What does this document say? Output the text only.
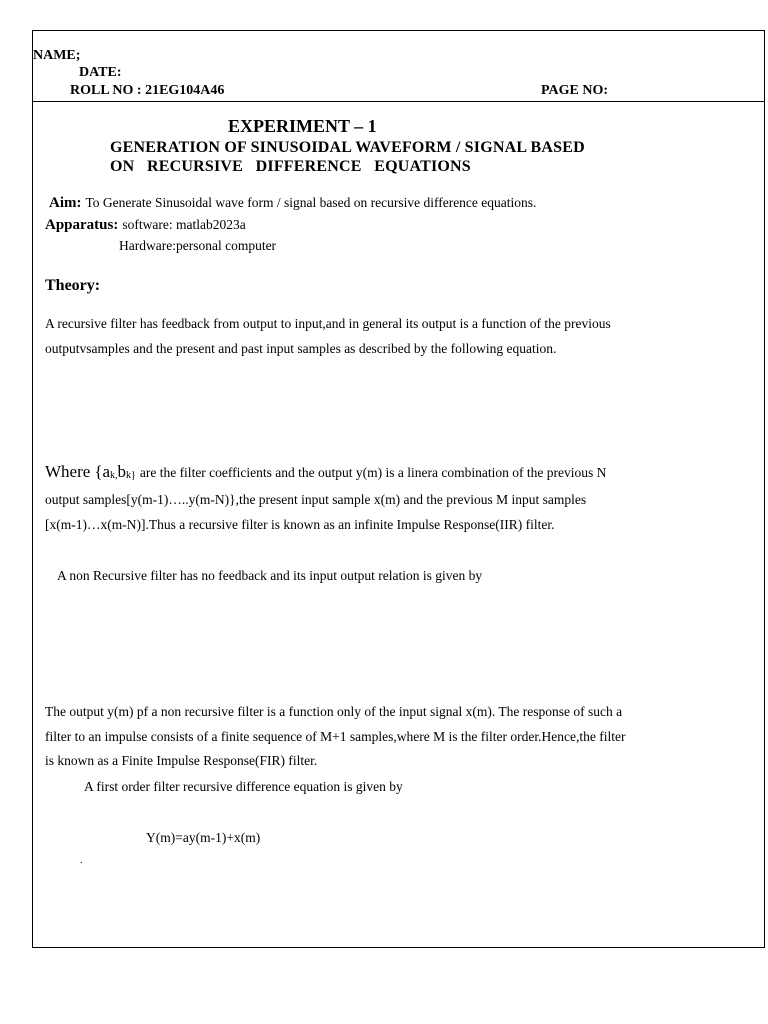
NAME;
DATE:
ROLL NO : 21EG104A46	PAGE NO:
EXPERIMENT – 1
GENERATION OF SINUSOIDAL WAVEFORM / SIGNAL BASED
ON   RECURSIVE   DIFFERENCE   EQUATIONS
Aim: To Generate Sinusoidal wave form / signal based on recursive difference equations.
Apparatus: software: matlab2023a
Hardware:personal computer
Theory:
A recursive filter has feedback from output to input,and in general its output is a function of the previous
outputvsamples and the present and past input samples as described by the following equation.
Where {ak,bk} are the filter coefficients and the output y(m) is a linera combination of the previous N
output samples[y(m-1)…..y(m-N)},the present input sample x(m) and the previous M input samples
[x(m-1)…x(m-N)].Thus a recursive filter is known as an infinite Impulse Response(IIR) filter.
A non Recursive filter has no feedback and its input output relation is given by
The output y(m) pf a non recursive filter is a function only of the input signal x(m). The response of such a
filter to an impulse consists of a finite sequence of M+1 samples,where M is the filter order.Hence,the filter
is known as a Finite Impulse Response(FIR) filter.
A first order filter recursive difference equation is given by
Y(m)=ay(m-1)+x(m)
.
